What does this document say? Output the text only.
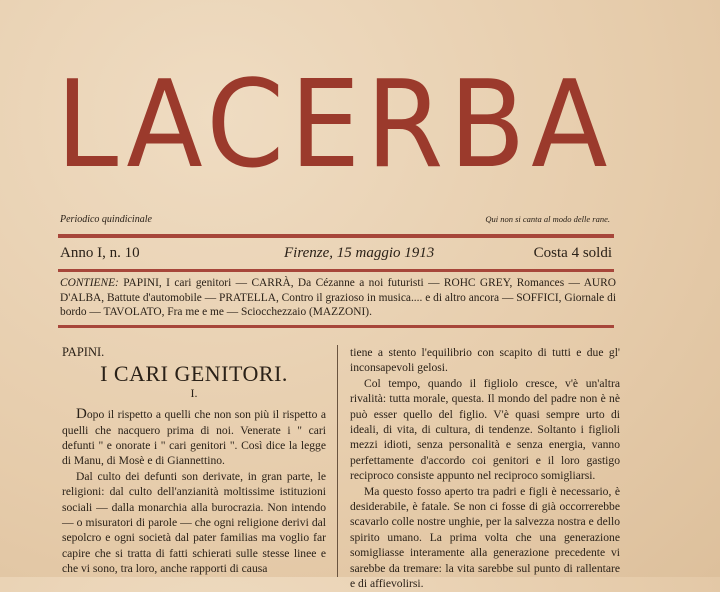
LACERBA
Periodico quindicinale	Qui non si canta al modo delle rane.
Anno I, n. 10	Firenze, 15 maggio 1913	Costa 4 soldi
CONTIENE: PAPINI, I cari genitori — CARRÀ, Da Cézanne a noi futuristi — ROHC GREY, Romances — AURO D'ALBA, Battute d'automobile — PRATELLA, Contro il grazioso in musica.... e di altro ancora — SOFFICI, Giornale di bordo — TAVOLATO, Fra me e me — Sciocchezzaio (MAZZONI).

PAPINI.

I CARI GENITORI.

I.

Dopo il rispetto a quelli che non son più il rispetto a quelli che nacquero prima di noi. Venerate i " cari defunti " e onorate i " cari genitori ". Così dice la legge di Manu, di Mosè e di Giannettino.

Dal culto dei defunti son derivate, in gran parte, le religioni: dal culto dell'anzianità moltissime istituzioni sociali — dalla monarchia alla burocrazia. Non intendo — o misuratori di parole — che ogni religione derivi dal sepolcro e ogni società dal pater familias ma voglio far capire che si tratta di fatti schierati sulle stesse linee e che vi sono, tra loro, anche rapporti di causa

tiene a stento l'equilibrio con scapito di tutti e due gl' inconsapevoli gelosi.

Col tempo, quando il figliolo cresce, v'è un'altra rivalità: tutta morale, questa. Il mondo del padre non è nè può esser quello del figlio. V'è quasi sempre urto di ideali, di vita, di cultura, di tendenze. Soltanto i figlioli mezzi idioti, senza personalità e senza energia, vanno perfettamente d'accordo coi genitori e il loro gastigo reciproco consiste appunto nel reciproco somigliarsi.

Ma questo fosso aperto tra padri e figli è necessario, è desiderabile, è fatale. Se non ci fosse di già occorrerebbe scavarlo colle nostre unghie, per la salvezza nostra e dello spirito umano. La prima volta che una generazione somigliasse interamente alla generazione precedente vi sarebbe da tremare: la vita sarebbe sul punto di rallentare e di affievolirsi.
